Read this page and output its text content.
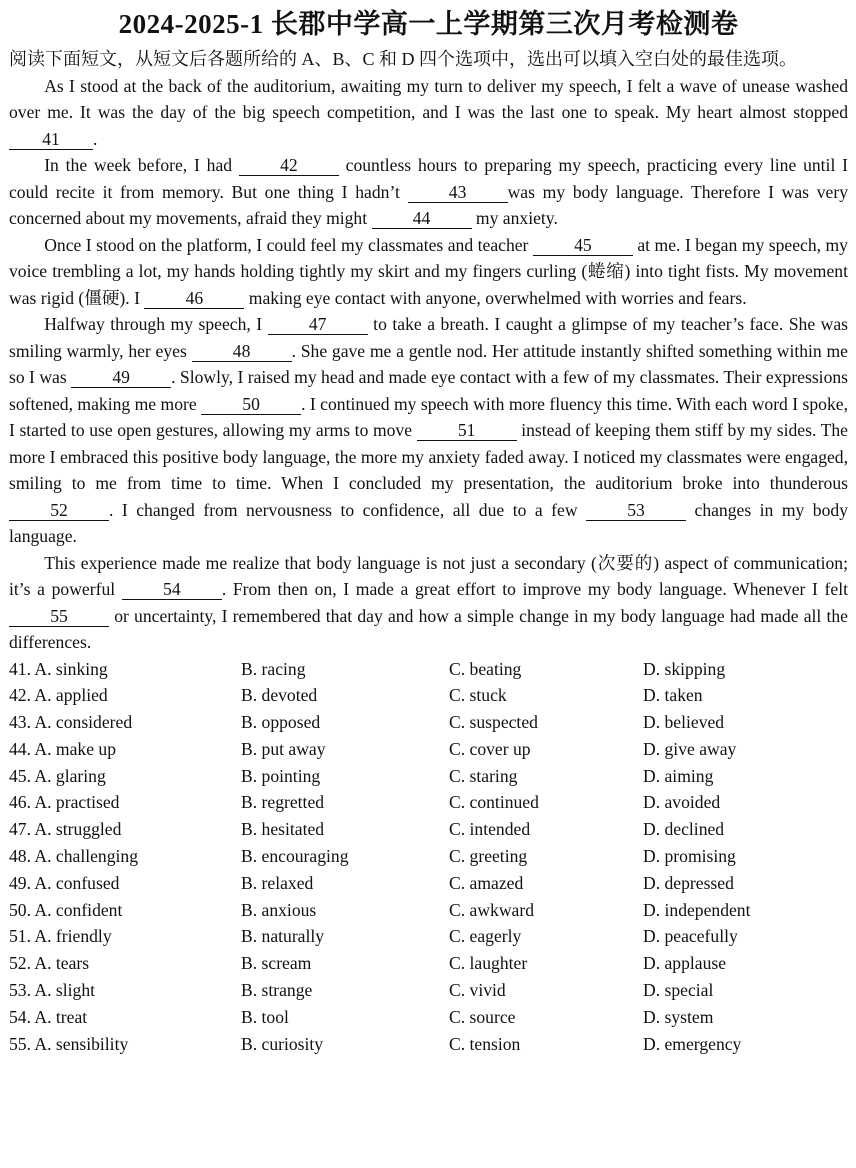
2024-2025-1 长郡中学高一上学期第三次月考检测卷

阅读下面短文，从短文后各题所给的 A、B、C 和 D 四个选项中，选出可以填入空白处的最佳选项。

As I stood at the back of the auditorium, awaiting my turn to deliver my speech, I felt a wave of unease washed over me. It was the day of the big speech competition, and I was the last one to speak. My heart almost stopped 41 .

In the week before, I had 42 countless hours to preparing my speech, practicing every line until I could recite it from memory. But one thing I hadn’t 43 was my body language. Therefore I was very concerned about my movements, afraid they might 44 my anxiety.

Once I stood on the platform, I could feel my classmates and teacher 45 at me. I began my speech, my voice trembling a lot, my hands holding tightly my skirt and my fingers curling (蜷缩) into tight fists. My movement was rigid (僵硬). I 46 making eye contact with anyone, overwhelmed with worries and fears.

Halfway through my speech, I 47 to take a breath. I caught a glimpse of my teacher’s face. She was smiling warmly, her eyes 48 . She gave me a gentle nod. Her attitude instantly shifted something within me so I was 49 . Slowly, I raised my head and made eye contact with a few of my classmates. Their expressions softened, making me more 50 . I continued my speech with more fluency this time. With each word I spoke, I started to use open gestures, allowing my arms to move 51 instead of keeping them stiff by my sides. The more I embraced this positive body language, the more my anxiety faded away. I noticed my classmates were engaged, smiling to me from time to time. When I concluded my presentation, the auditorium broke into thunderous 52 . I changed from nervousness to confidence, all due to a few 53 changes in my body language.

This experience made me realize that body language is not just a secondary (次要的) aspect of communication; it’s a powerful 54 . From then on, I made a great effort to improve my body language. Whenever I felt 55 or uncertainty, I remembered that day and how a simple change in my body language had made all the differences.

41. A. sinking	B. racing	C. beating	D. skipping
42. A. applied	B. devoted	C. stuck	D. taken
43. A. considered	B. opposed	C. suspected	D. believed
44. A. make up	B. put away	C. cover up	D. give away
45. A. glaring	B. pointing	C. staring	D. aiming
46. A. practised	B. regretted	C. continued	D. avoided
47. A. struggled	B. hesitated	C. intended	D. declined
48. A. challenging	B. encouraging	C. greeting	D. promising
49. A. confused	B. relaxed	C. amazed	D. depressed
50. A. confident	B. anxious	C. awkward	D. independent
51. A. friendly	B. naturally	C. eagerly	D. peacefully
52. A. tears	B. scream	C. laughter	D. applause
53. A. slight	B. strange	C. vivid	D. special
54. A. treat	B. tool	C. source	D. system
55. A. sensibility	B. curiosity	C. tension	D. emergency
